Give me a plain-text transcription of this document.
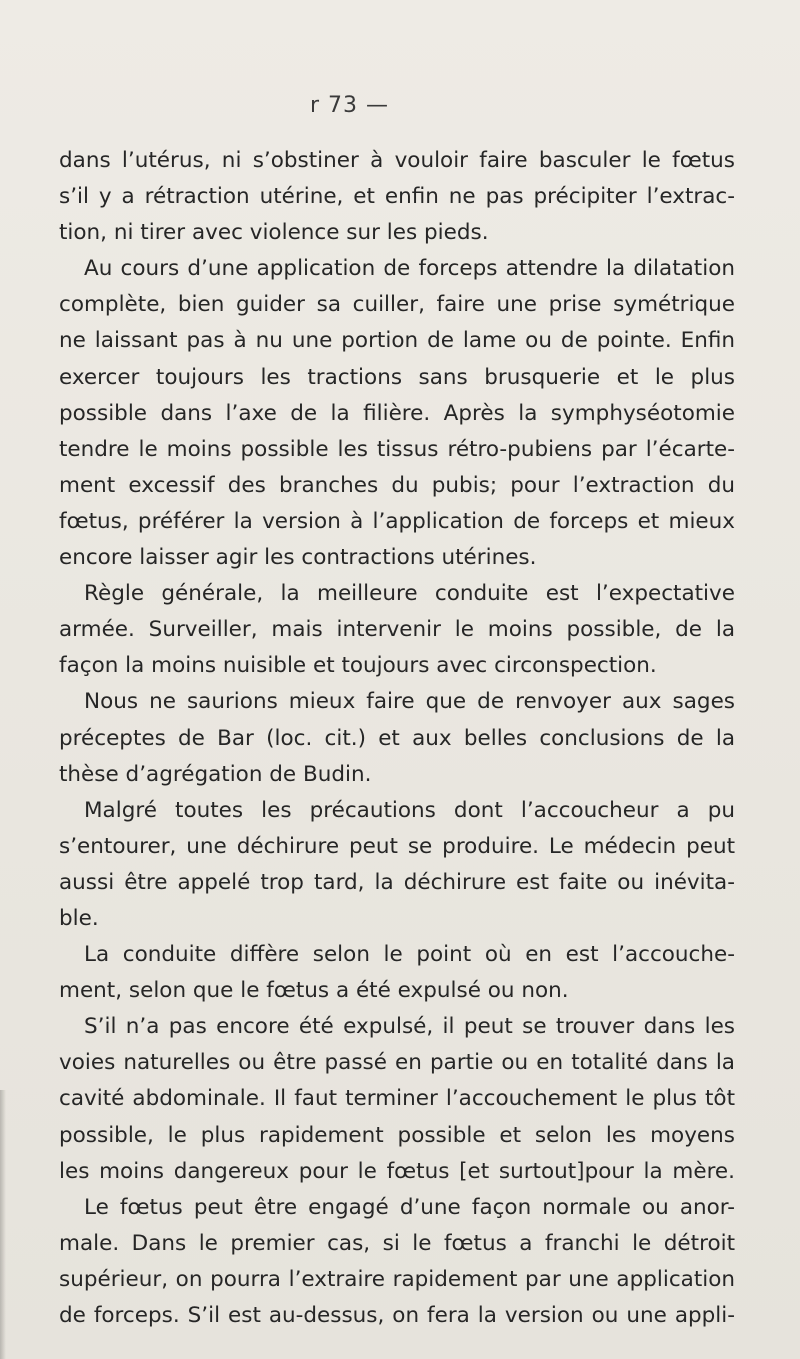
r 73 —
dans l’utérus, ni s’obstiner à vouloir faire basculer le fœtus
s’il y a rétraction utérine, et enfin ne pas précipiter l’extrac-
tion, ni tirer avec violence sur les pieds.
Au cours d’une application de forceps attendre la dilatation
complète, bien guider sa cuiller, faire une prise symétrique
ne laissant pas à nu une portion de lame ou de pointe. Enfin
exercer toujours les tractions sans brusquerie et le plus
possible dans l’axe de la filière. Après la symphyséotomie
tendre le moins possible les tissus rétro-pubiens par l’écarte-
ment excessif des branches du pubis; pour l’extraction du
fœtus, préférer la version à l’application de forceps et mieux
encore laisser agir les contractions utérines.
Règle générale, la meilleure conduite est l’expectative
armée. Surveiller, mais intervenir le moins possible, de la
façon la moins nuisible et toujours avec circonspection.
Nous ne saurions mieux faire que de renvoyer aux sages
préceptes de Bar (loc. cit.) et aux belles conclusions de la
thèse d’agrégation de Budin.
Malgré toutes les précautions dont l’accoucheur a pu
s’entourer, une déchirure peut se produire. Le médecin peut
aussi être appelé trop tard, la déchirure est faite ou inévita-
ble.
La conduite diffère selon le point où en est l’accouche-
ment, selon que le fœtus a été expulsé ou non.
S’il n’a pas encore été expulsé, il peut se trouver dans les
voies naturelles ou être passé en partie ou en totalité dans la
cavité abdominale. Il faut terminer l’accouchement le plus tôt
possible, le plus rapidement possible et selon les moyens
les moins dangereux pour le fœtus [et surtout]pour la mère.
Le fœtus peut être engagé d’une façon normale ou anor-
male. Dans le premier cas, si le fœtus a franchi le détroit
supérieur, on pourra l’extraire rapidement par une application
de forceps. S’il est au-dessus, on fera la version ou une appli-
